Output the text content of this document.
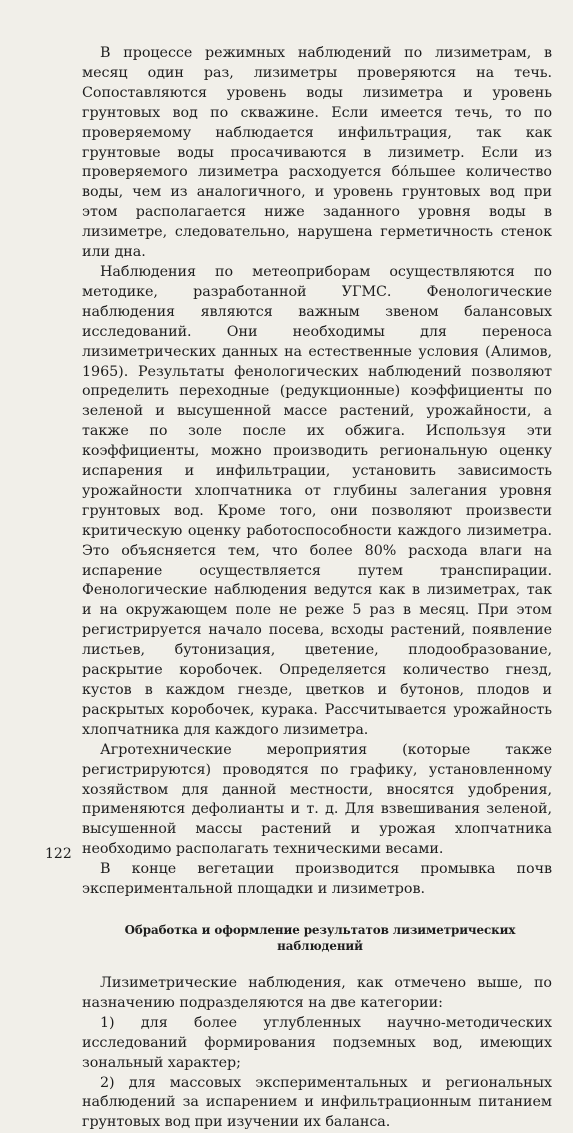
В процессе режимных наблюдений по лизиметрам, в месяц один раз, лизиметры проверяются на течь. Сопоставляются уровень воды лизиметра и уровень грунтовых вод по скважине. Если имеется течь, то по проверяемому наблюдается инфильтрация, так как грунтовые воды просачиваются в лизиметр. Если из проверяемого лизиметра расходуется бо́льшее количество воды, чем из аналогичного, и уровень грунтовых вод при этом располагается ниже заданного уровня воды в лизиметре, следовательно, нарушена герметичность стенок или дна.

Наблюдения по метеоприборам осуществляются по методике, разработанной УГМС. Фенологические наблюдения являются важным звеном балансовых исследований. Они необходимы для переноса лизиметрических данных на естественные условия (Алимов, 1965). Результаты фенологических наблюдений позволяют определить переходные (редукционные) коэффициенты по зеленой и высушенной массе растений, урожайности, а также по золе после их обжига. Используя эти коэффициенты, можно производить региональную оценку испарения и инфильтрации, установить зависимость урожайности хлопчатника от глубины залегания уровня грунтовых вод. Кроме того, они позволяют произвести критическую оценку работоспособности каждого лизиметра. Это объясняется тем, что более 80% расхода влаги на испарение осуществляется путем транспирации. Фенологические наблюдения ведутся как в лизиметрах, так и на окружающем поле не реже 5 раз в месяц. При этом регистрируется начало посева, всходы растений, появление листьев, бутонизация, цветение, плодообразование, раскрытие коробочек. Определяется количество гнезд, кустов в каждом гнезде, цветков и бутонов, плодов и раскрытых коробочек, курака. Рассчитывается урожайность хлопчатника для каждого лизиметра.

Агротехнические мероприятия (которые также регистрируются) проводятся по графику, установленному хозяйством для данной местности, вносятся удобрения, применяются дефолианты и т. д. Для взвешивания зеленой, высушенной массы растений и урожая хлопчатника необходимо располагать техническими весами.

В конце вегетации производится промывка почв экспериментальной площадки и лизиметров.

Обработка и оформление результатов лизиметрических наблюдений

Лизиметрические наблюдения, как отмечено выше, по назначению подразделяются на две категории:

1) для более углубленных научно-методических исследований формирования подземных вод, имеющих зональный характер;

2) для массовых экспериментальных и региональных наблюдений за испарением и инфильтрационным питанием грунтовых вод при изучении их баланса.

122
